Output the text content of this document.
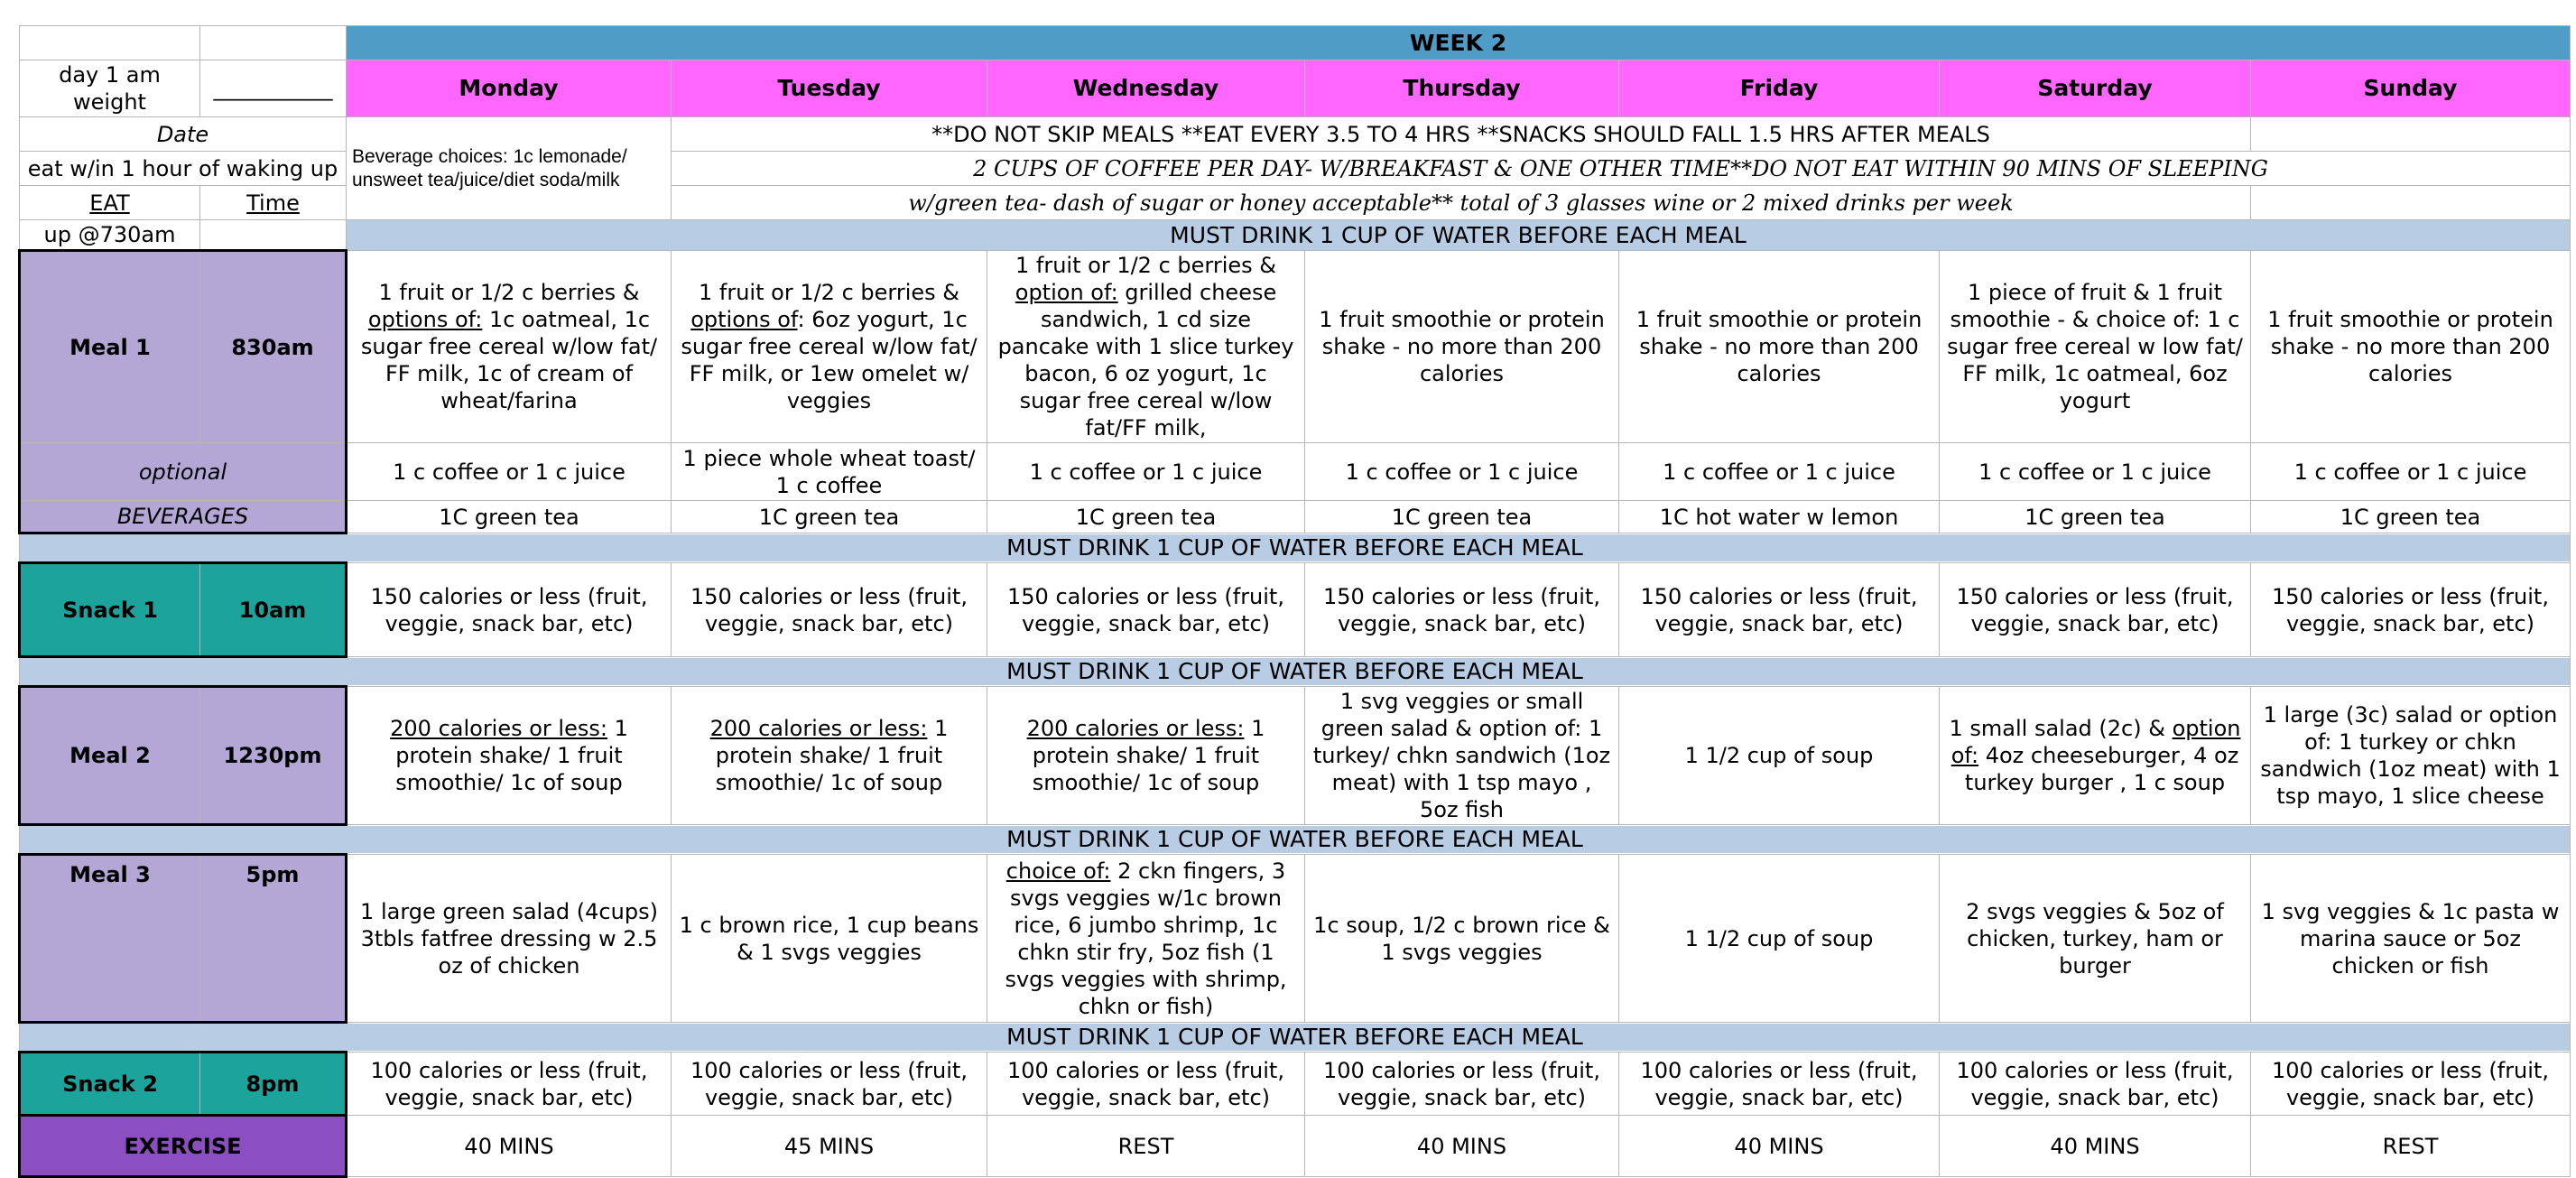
		WEEK 2						
day 1 am weight	___________	Monday	Tuesday	Wednesday	Thursday	Friday	Saturday	Sunday
Date		Beverage choices: 1c lemonade/ unsweet tea/juice/diet soda/milk	**DO NOT SKIP MEALS **EAT EVERY 3.5 TO 4 HRS **SNACKS SHOULD FALL 1.5 HRS AFTER MEALS					
eat w/in 1 hour of waking up			2 CUPS OF COFFEE PER DAY- W/BREAKFAST & ONE OTHER TIME**DO NOT EAT WITHIN 90 MINS OF SLEEPING					
EAT	Time		w/green tea- dash of sugar or honey acceptable** total of 3 glasses wine or 2 mixed drinks per week					
up @730am		MUST DRINK 1 CUP OF WATER BEFORE EACH MEAL						
Meal 1	830am	1 fruit or 1/2 c berries & options of: 1c oatmeal, 1c sugar free cereal w/low fat/ FF milk, 1c of cream of wheat/farina	1 fruit or 1/2 c berries & options of: 6oz yogurt, 1c sugar free cereal w/low fat/ FF milk, or 1ew omelet w/ veggies	1 fruit or 1/2 c berries & option of: grilled cheese sandwich, 1 cd size pancake with 1 slice turkey bacon, 6 oz yogurt, 1c sugar free cereal w/low fat/FF milk,	1 fruit smoothie or protein shake - no more than 200 calories	1 fruit smoothie or protein shake - no more than 200 calories	1 piece of fruit & 1 fruit smoothie - & choice of: 1 c sugar free cereal w low fat/ FF milk, 1c oatmeal, 6oz yogurt	1 fruit smoothie or protein shake - no more than 200 calories
optional		1 c coffee or 1 c juice	1 piece whole wheat toast/ 1 c coffee	1 c coffee or 1 c juice	1 c coffee or 1 c juice	1 c coffee or 1 c juice	1 c coffee or 1 c juice	1 c coffee or 1 c juice
BEVERAGES		1C green tea	1C green tea	1C green tea	1C green tea	1C hot water w lemon	1C green tea	1C green tea
MUST DRINK 1 CUP OF WATER BEFORE EACH MEAL								
Snack 1	10am	150 calories or less (fruit, veggie, snack bar, etc)	150 calories or less (fruit, veggie, snack bar, etc)	150 calories or less (fruit, veggie, snack bar, etc)	150 calories or less (fruit, veggie, snack bar, etc)	150 calories or less (fruit, veggie, snack bar, etc)	150 calories or less (fruit, veggie, snack bar, etc)	150 calories or less (fruit, veggie, snack bar, etc)
MUST DRINK 1 CUP OF WATER BEFORE EACH MEAL								
Meal 2	1230pm	200 calories or less: 1 protein shake/ 1 fruit smoothie/ 1c of soup	200 calories or less: 1 protein shake/ 1 fruit smoothie/ 1c of soup	200 calories or less: 1 protein shake/ 1 fruit smoothie/ 1c of soup	1 svg veggies or small green salad & option of: 1 turkey/ chkn sandwich (1oz meat) with 1 tsp mayo , 5oz fish	1 1/2 cup of soup	1 small salad (2c) & option of: 4oz cheeseburger, 4 oz turkey burger , 1 c soup	1 large (3c) salad or option of: 1 turkey or chkn sandwich (1oz meat) with 1 tsp mayo, 1 slice cheese
MUST DRINK 1 CUP OF WATER BEFORE EACH MEAL								
Meal 3	5pm	1 large green salad (4cups) 3tbls fatfree dressing w 2.5 oz of chicken	1 c brown rice, 1 cup beans & 1 svgs veggies	choice of: 2 ckn fingers, 3 svgs veggies w/1c brown rice, 6 jumbo shrimp, 1c chkn stir fry, 5oz fish (1 svgs veggies with shrimp, chkn or fish)	1c soup, 1/2 c brown rice & 1 svgs veggies	1 1/2 cup of soup	2 svgs veggies & 5oz of chicken, turkey, ham or burger	1 svg veggies & 1c pasta w marina sauce or 5oz chicken or fish
MUST DRINK 1 CUP OF WATER BEFORE EACH MEAL								
Snack 2	8pm	100 calories or less (fruit, veggie, snack bar, etc)	100 calories or less (fruit, veggie, snack bar, etc)	100 calories or less (fruit, veggie, snack bar, etc)	100 calories or less (fruit, veggie, snack bar, etc)	100 calories or less (fruit, veggie, snack bar, etc)	100 calories or less (fruit, veggie, snack bar, etc)	100 calories or less (fruit, veggie, snack bar, etc)
EXERCISE		40 MINS	45 MINS	REST	40 MINS	40 MINS	40 MINS	REST
